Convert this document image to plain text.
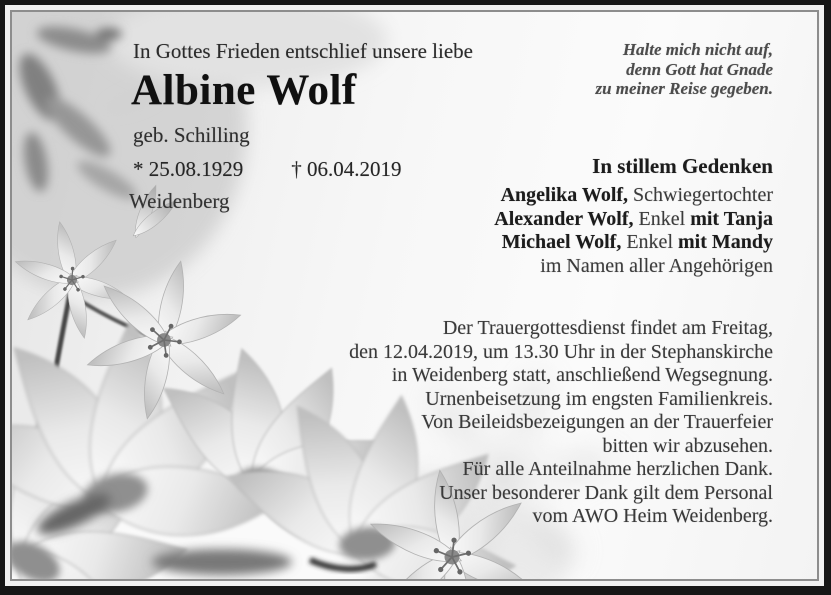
In Gottes Frieden entschlief unsere liebe
Albine Wolf
geb. Schilling
* 25.08.1929 † 06.04.2019
Weidenberg
Halte mich nicht auf,
denn Gott hat Gnade
zu meiner Reise gegeben.
In stillem Gedenken
Angelika Wolf, Schwiegertochter
Alexander Wolf, Enkel mit Tanja
Michael Wolf, Enkel mit Mandy
im Namen aller Angehörigen
Der Trauergottesdienst findet am Freitag,
den 12.04.2019, um 13.30 Uhr in der Stephanskirche
in Weidenberg statt, anschließend Wegsegnung.
Urnenbeisetzung im engsten Familienkreis.
Von Beileidsbezeigungen an der Trauerfeier
bitten wir abzusehen.
Für alle Anteilnahme herzlichen Dank.
Unser besonderer Dank gilt dem Personal
vom AWO Heim Weidenberg.
